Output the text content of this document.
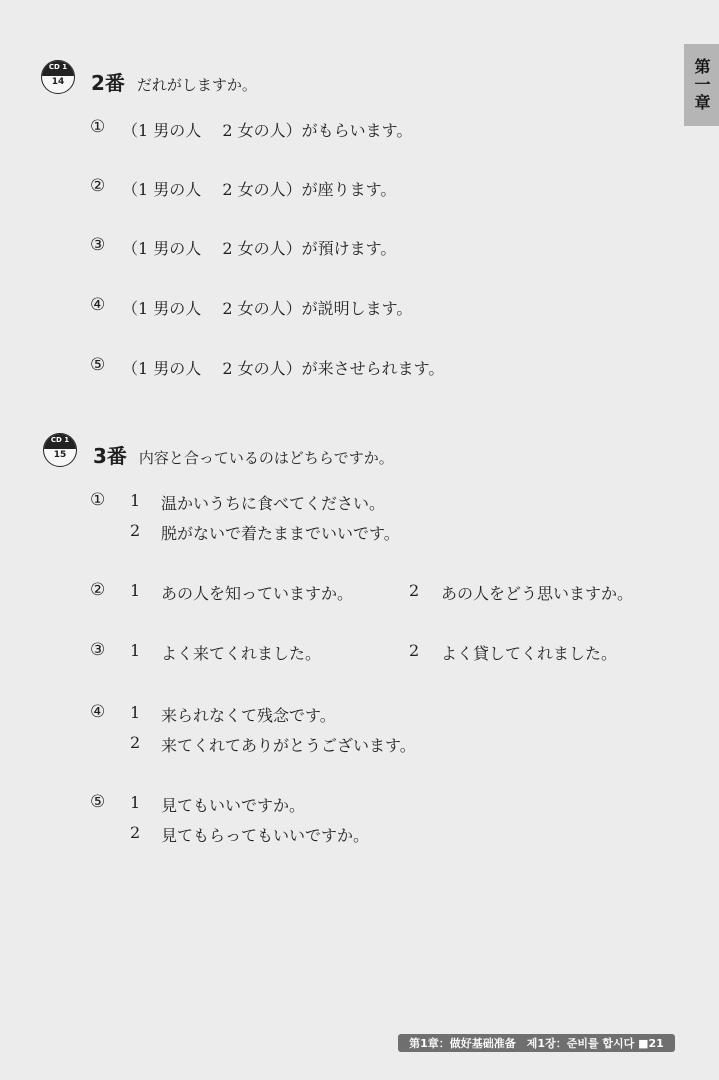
第一章
CD 1
14	2番 だれがしますか。
① （1 男の人　 2 女の人）がもらいます。
② （1 男の人　 2 女の人）が座ります。
③ （1 男の人　 2 女の人）が預けます。
④ （1 男の人　 2 女の人）が説明します。
⑤ （1 男の人　 2 女の人）が来させられます。
CD 1
15	3番 内容と合っているのはどちらですか。
① 1 温かいうちに食べてください。
2 脱がないで着たままでいいです。
② 1 あの人を知っていますか。	2 あの人をどう思いますか。
③ 1 よく来てくれました。	2 よく貸してくれました。
④ 1 来られなくて残念です。
2 来てくれてありがとうございます。
⑤ 1 見てもいいですか。
2 見てもらってもいいですか。
第1章：做好基础准备　제1장：준비를 합시다 ■21
